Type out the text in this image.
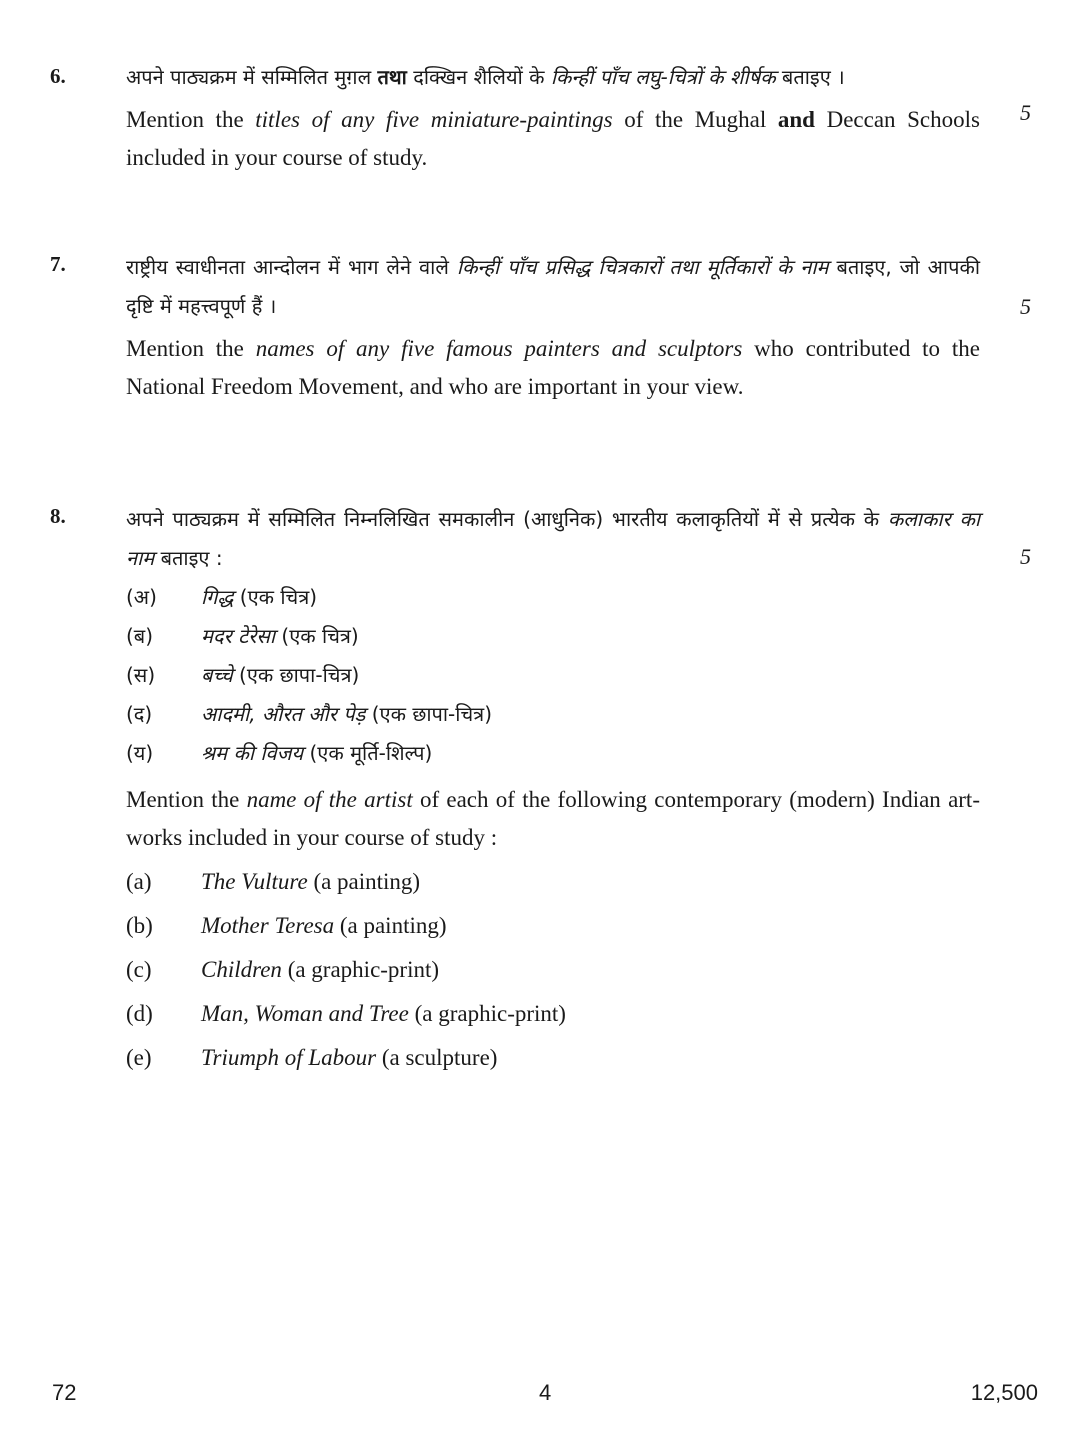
6.	अपने पाठ्यक्रम में सम्मिलित मुग़ल तथा दक्खिन शैलियों के किन्हीं पाँच लघु-चित्रों के शीर्षक बताइए ।

Mention the titles of any five miniature-paintings of the Mughal and Deccan Schools included in your course of study.

5
7.	राष्ट्रीय स्वाधीनता आन्दोलन में भाग लेने वाले किन्हीं पाँच प्रसिद्ध चित्रकारों तथा मूर्तिकारों के नाम बताइए, जो आपकी दृष्टि में महत्त्वपूर्ण हैं ।

Mention the names of any five famous painters and sculptors who contributed to the National Freedom Movement, and who are important in your view.

5
8.	अपने पाठ्यक्रम में सम्मिलित निम्नलिखित समकालीन (आधुनिक) भारतीय कलाकृतियों में से प्रत्येक के कलाकार का नाम बताइए :

(अ) गिद्ध (एक चित्र)
(ब) मदर टेरेसा (एक चित्र)
(स) बच्चे (एक छापा-चित्र)
(द) आदमी, औरत और पेड़ (एक छापा-चित्र)
(य) श्रम की विजय (एक मूर्ति-शिल्प)

Mention the name of the artist of each of the following contemporary (modern) Indian art-works included in your course of study :

(a) The Vulture (a painting)
(b) Mother Teresa (a painting)
(c) Children (a graphic-print)
(d) Man, Woman and Tree (a graphic-print)
(e) Triumph of Labour (a sculpture)
5
72	4	12,500
